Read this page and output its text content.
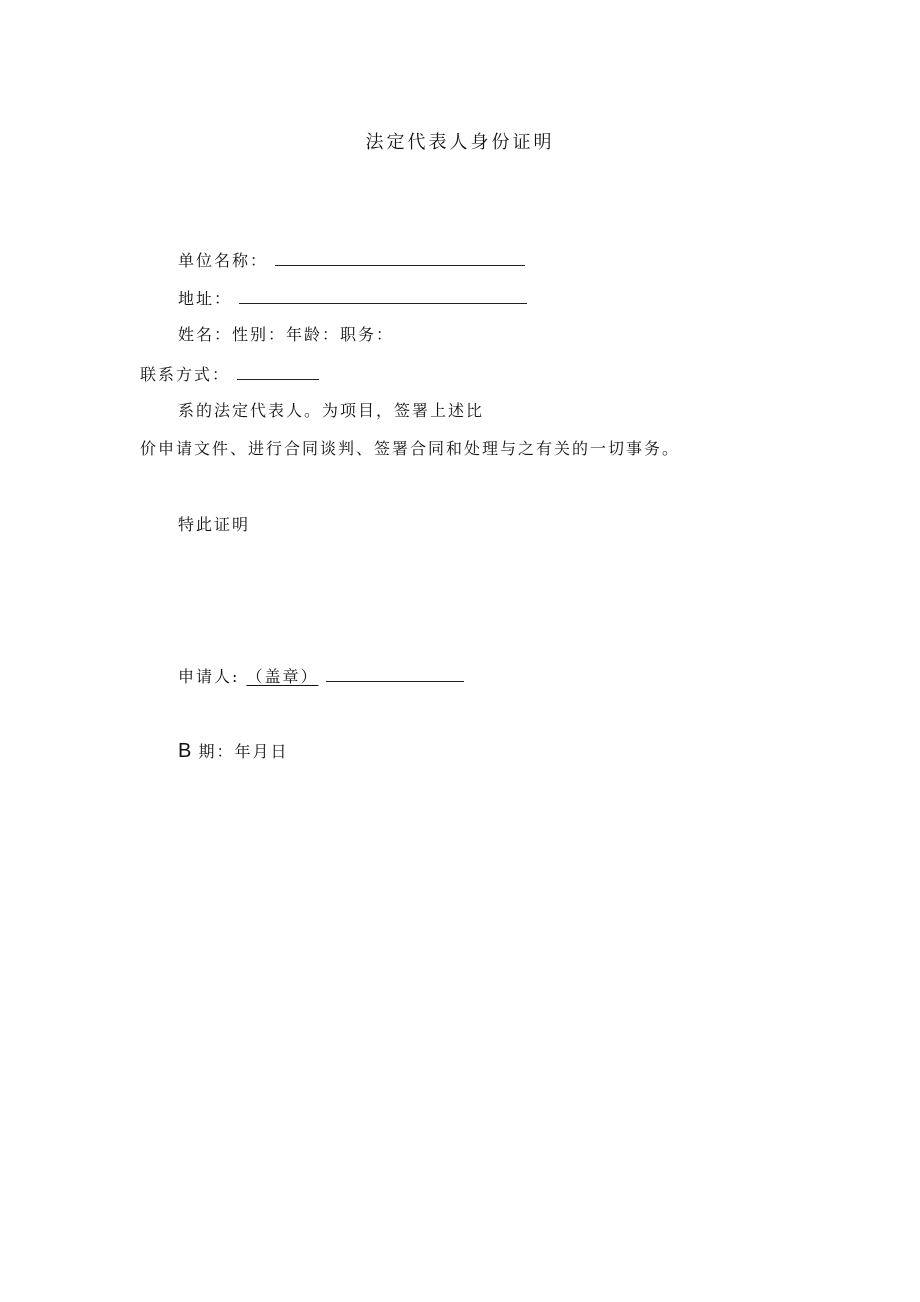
法定代表人身份证明
单位名称：
地址：
姓名：性别：年龄：职务：
联系方式：
系的法定代表人。为项目，签署上述比
价申请文件、进行合同谈判、签署合同和处理与之有关的一切事务。
特此证明
申请人: （盖章）
B 期：年月日
